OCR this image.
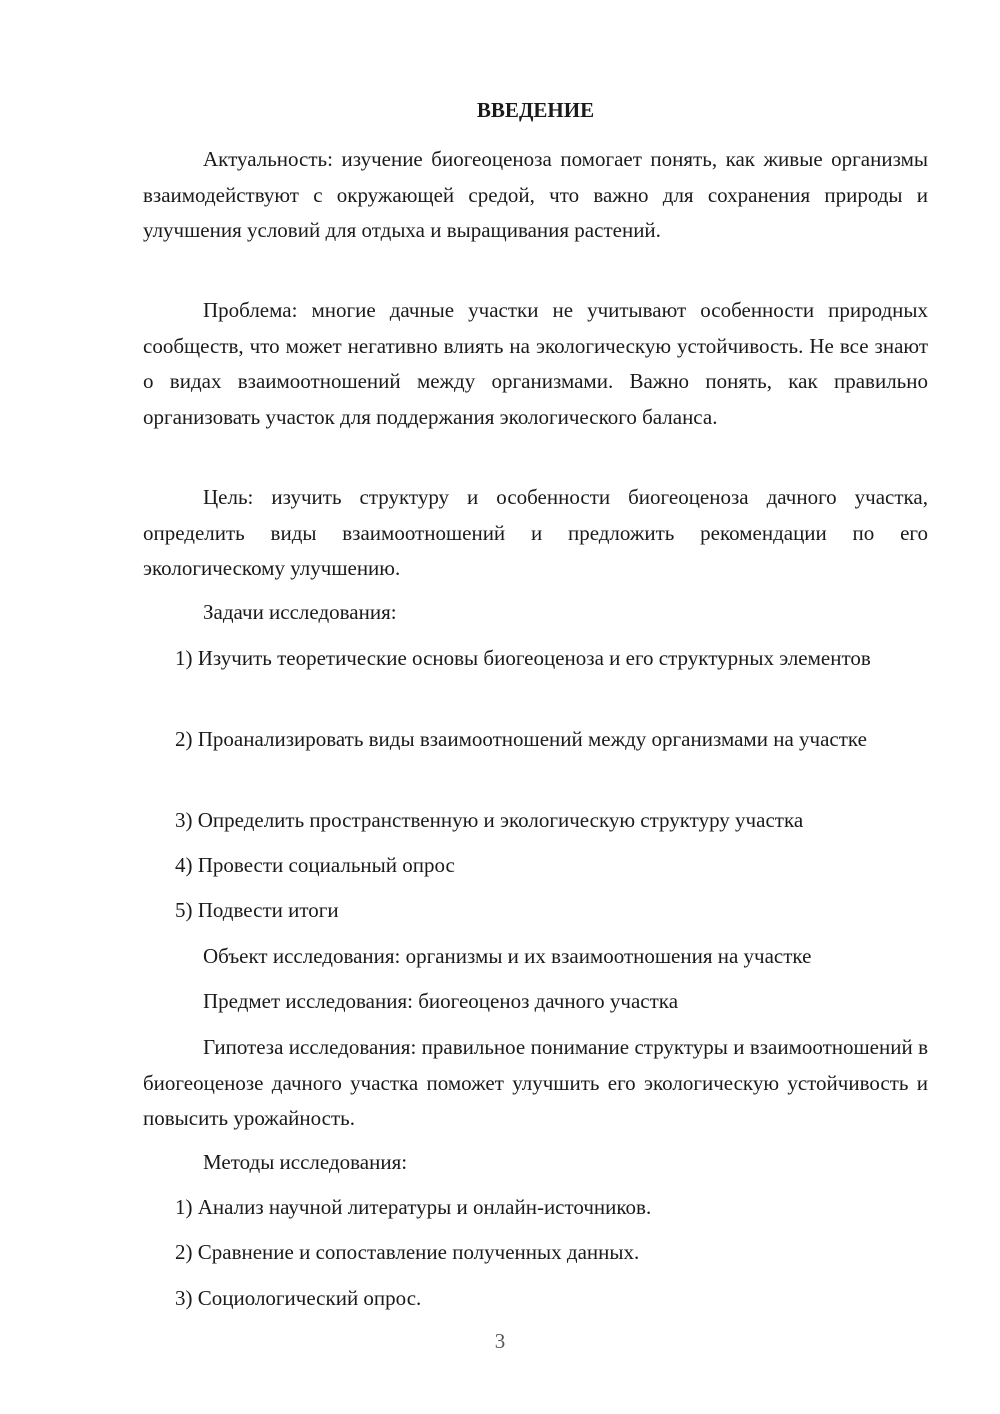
ВВЕДЕНИЕ

Актуальность: изучение биогеоценоза помогает понять, как живые организмы взаимодействуют с окружающей средой, что важно для сохранения природы и улучшения условий для отдыха и выращивания растений.

Проблема: многие дачные участки не учитывают особенности природных сообществ, что может негативно влиять на экологическую устойчивость. Не все знают о видах взаимоотношений между организмами. Важно понять, как правильно организовать участок для поддержания экологического баланса.

Цель: изучить структуру и особенности биогеоценоза дачного участка, определить виды взаимоотношений и предложить рекомендации по его экологическому улучшению.

Задачи исследования:

1) Изучить теоретические основы биогеоценоза и его структурных элементов

2) Проанализировать виды взаимоотношений между организмами на участке

3) Определить пространственную и экологическую структуру участка

4) Провести социальный опрос

5) Подвести итоги

Объект исследования: организмы и их взаимоотношения на участке

Предмет исследования: биогеоценоз дачного участка

Гипотеза исследования: правильное понимание структуры и взаимоотношений в биогеоценозе дачного участка поможет улучшить его экологическую устойчивость и повысить урожайность.

Методы исследования:

1) Анализ научной литературы и онлайн-источников.

2) Сравнение и сопоставление полученных данных.

3) Социологический опрос.

3
